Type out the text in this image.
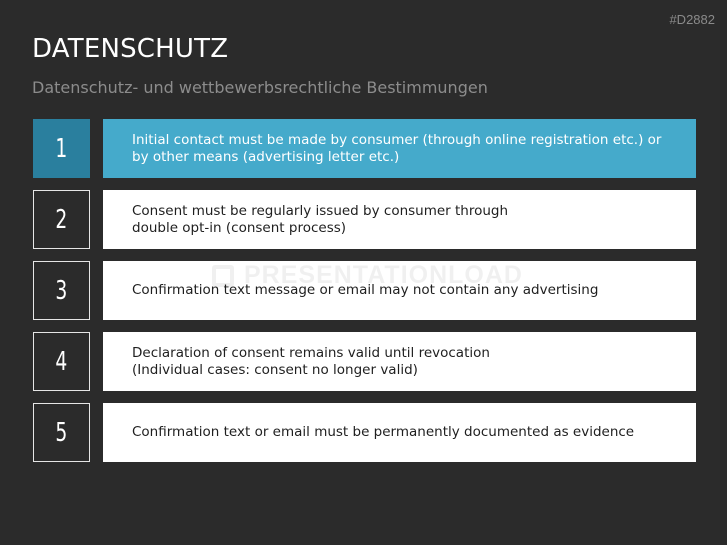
#D2882
DATENSCHUTZ
Datenschutz- und wettbewerbsrechtliche Bestimmungen
1	Initial contact must be made by consumer (through online registration etc.) or
by other means (advertising letter etc.)
2	Consent must be regularly issued by consumer through
double opt-in (consent process)
3	Confirmation text message or email may not contain any advertising
4	Declaration of consent remains valid until revocation
(Individual cases: consent no longer valid)
5	Confirmation text or email must be permanently documented as evidence
